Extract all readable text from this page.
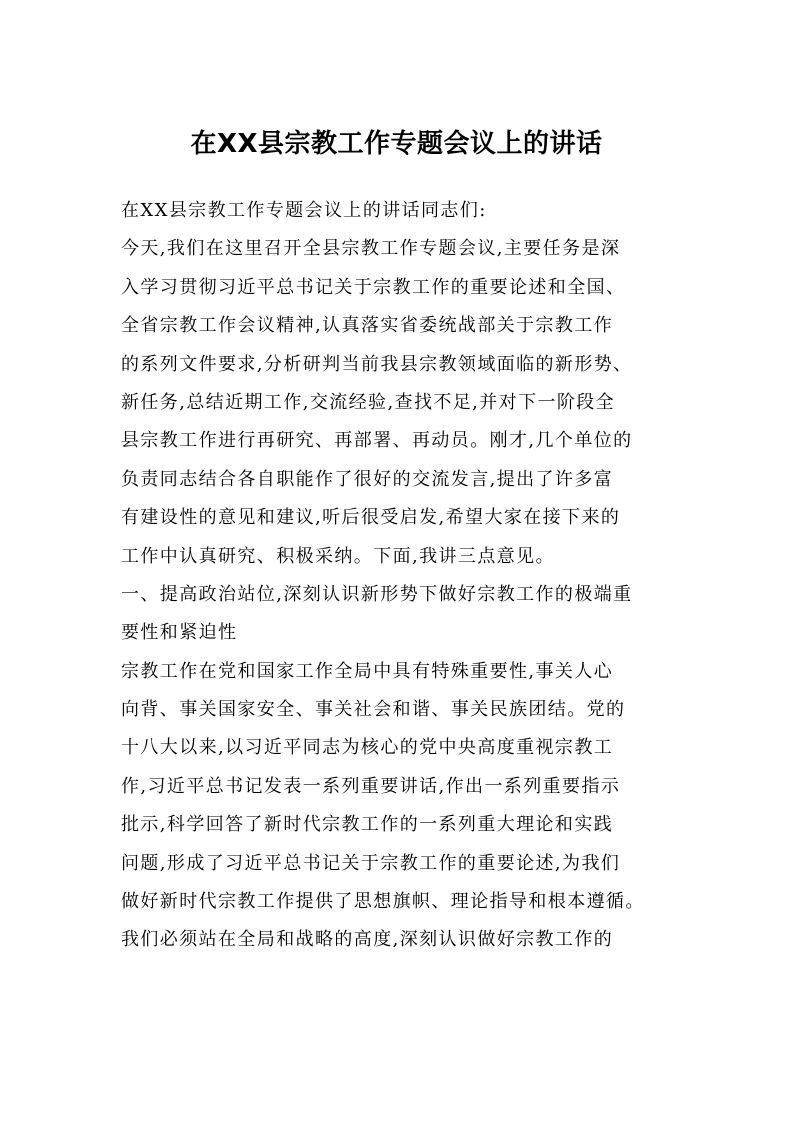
在XX县宗教工作专题会议上的讲话
在XX县宗教工作专题会议上的讲话同志们:
今天,我们在这里召开全县宗教工作专题会议,主要任务是深
入学习贯彻习近平总书记关于宗教工作的重要论述和全国、
全省宗教工作会议精神,认真落实省委统战部关于宗教工作
的系列文件要求,分析研判当前我县宗教领域面临的新形势、
新任务,总结近期工作,交流经验,查找不足,并对下一阶段全
县宗教工作进行再研究、再部署、再动员。刚才,几个单位的
负责同志结合各自职能作了很好的交流发言,提出了许多富
有建设性的意见和建议,听后很受启发,希望大家在接下来的
工作中认真研究、积极采纳。下面,我讲三点意见。
一、提高政治站位,深刻认识新形势下做好宗教工作的极端重
要性和紧迫性
宗教工作在党和国家工作全局中具有特殊重要性,事关人心
向背、事关国家安全、事关社会和谐、事关民族团结。党的
十八大以来,以习近平同志为核心的党中央高度重视宗教工
作,习近平总书记发表一系列重要讲话,作出一系列重要指示
批示,科学回答了新时代宗教工作的一系列重大理论和实践
问题,形成了习近平总书记关于宗教工作的重要论述,为我们
做好新时代宗教工作提供了思想旗帜、理论指导和根本遵循。
我们必须站在全局和战略的高度,深刻认识做好宗教工作的
